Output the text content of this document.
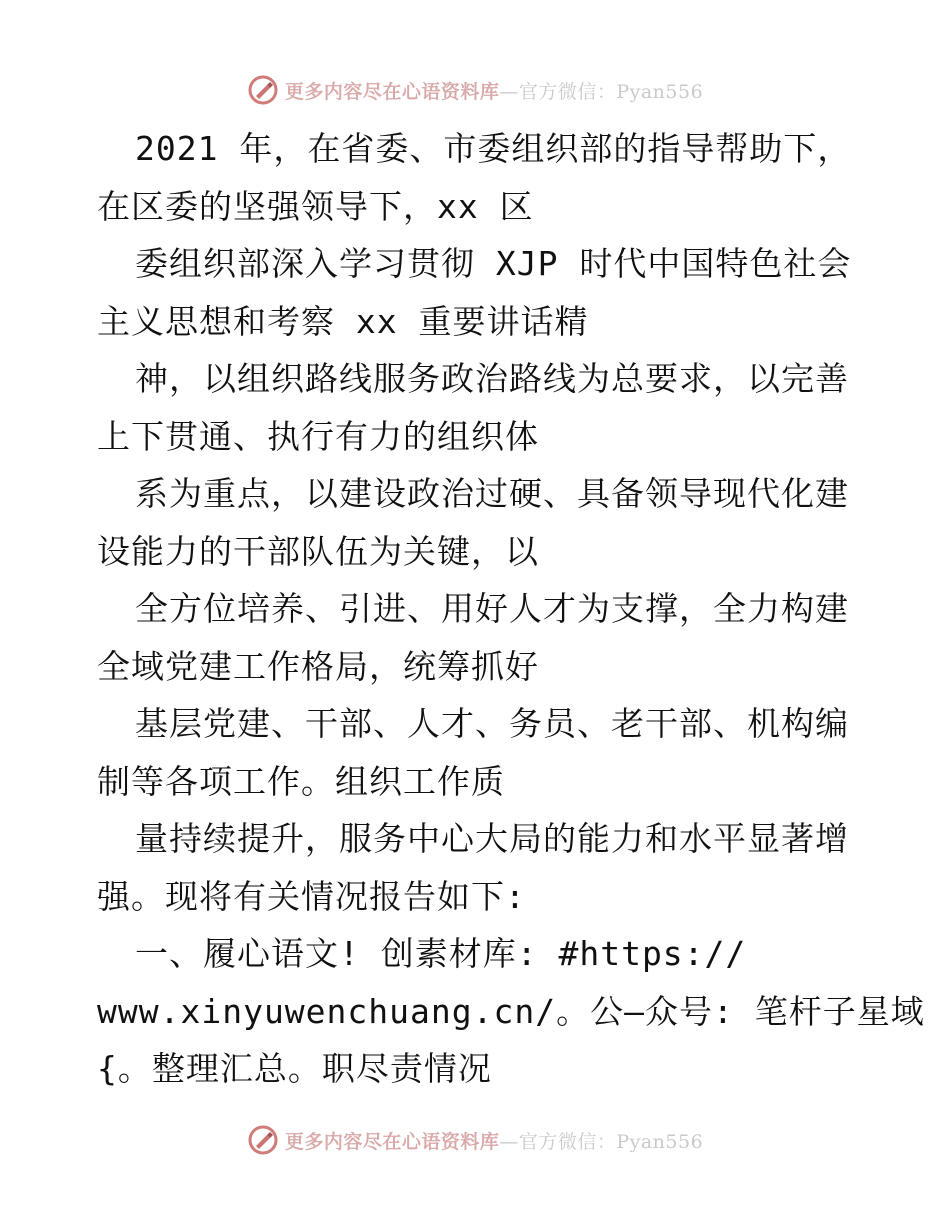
更多内容尽在心语资料库—官方微信：Pyan556
2021 年，在省委、市委组织部的指导帮助下，
在区委的坚强领导下，xx 区
委组织部深入学习贯彻 XJP 时代中国特色社会
主义思想和考察 xx 重要讲话精
神，以组织路线服务政治路线为总要求，以完善
上下贯通、执行有力的组织体
系为重点，以建设政治过硬、具备领导现代化建
设能力的干部队伍为关键，以
全方位培养、引进、用好人才为支撑，全力构建
全域党建工作格局，统筹抓好
基层党建、干部、人才、务员、老干部、机构编
制等各项工作。组织工作质
量持续提升，服务中心大局的能力和水平显著增
强。现将有关情况报告如下:
一、履心语文! 创素材库: #https://
www.xinyuwenchuang.cn/。公—众号: 笔杆子星域
{。整理汇总。职尽责情况
更多内容尽在心语资料库—官方微信：Pyan556
